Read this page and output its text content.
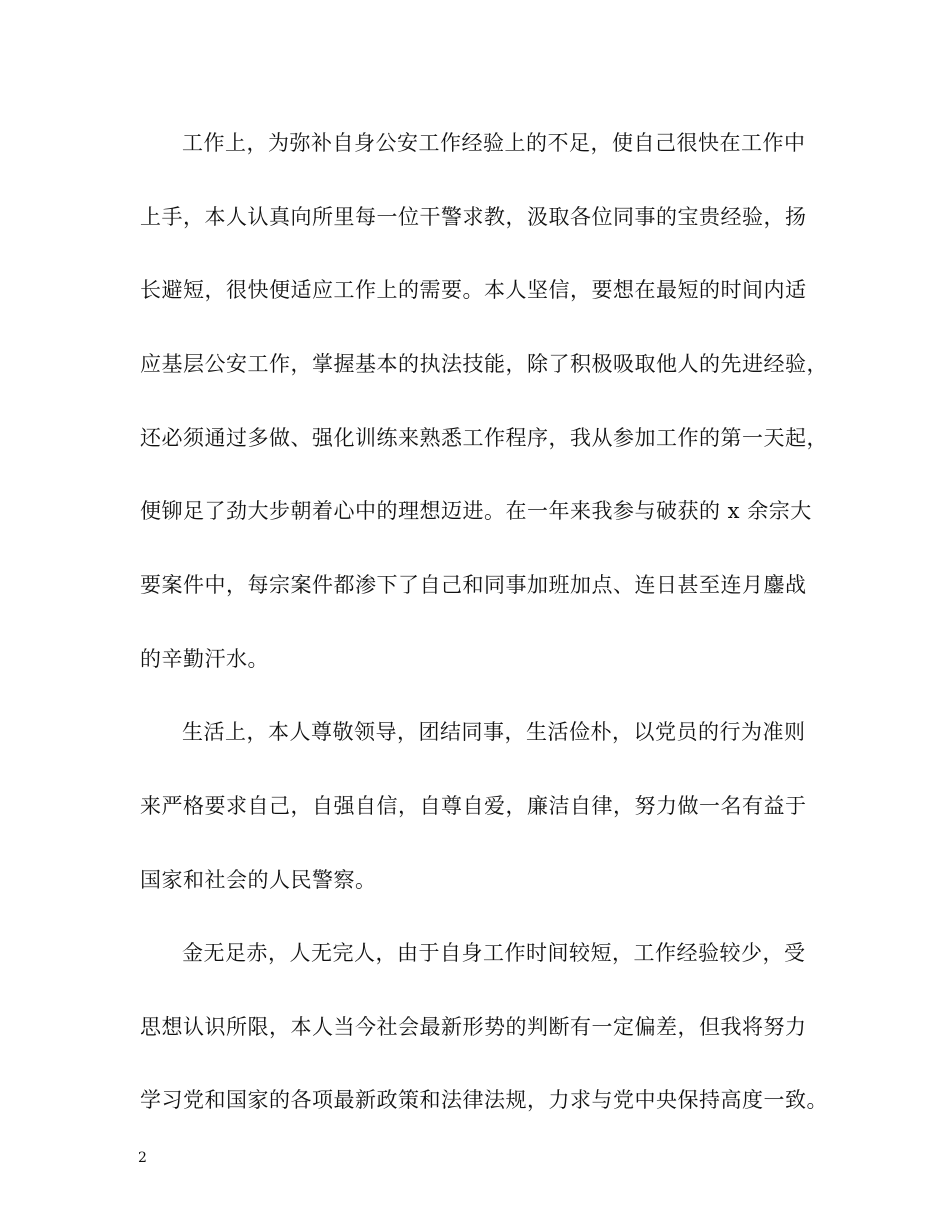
工作上，为弥补自身公安工作经验上的不足，使自己很快在工作中
上手，本人认真向所里每一位干警求教，汲取各位同事的宝贵经验，扬
长避短，很快便适应工作上的需要。本人坚信，要想在最短的时间内适
应基层公安工作，掌握基本的执法技能，除了积极吸取他人的先进经验，
还必须通过多做、强化训练来熟悉工作程序，我从参加工作的第一天起，
便铆足了劲大步朝着心中的理想迈进。在一年来我参与破获的 x 余宗大
要案件中，每宗案件都渗下了自己和同事加班加点、连日甚至连月鏖战
的辛勤汗水。
生活上，本人尊敬领导，团结同事，生活俭朴，以党员的行为准则
来严格要求自己，自强自信，自尊自爱，廉洁自律，努力做一名有益于
国家和社会的人民警察。
金无足赤，人无完人，由于自身工作时间较短，工作经验较少，受
思想认识所限，本人当今社会最新形势的判断有一定偏差，但我将努力
学习党和国家的各项最新政策和法律法规，力求与党中央保持高度一致。
2
